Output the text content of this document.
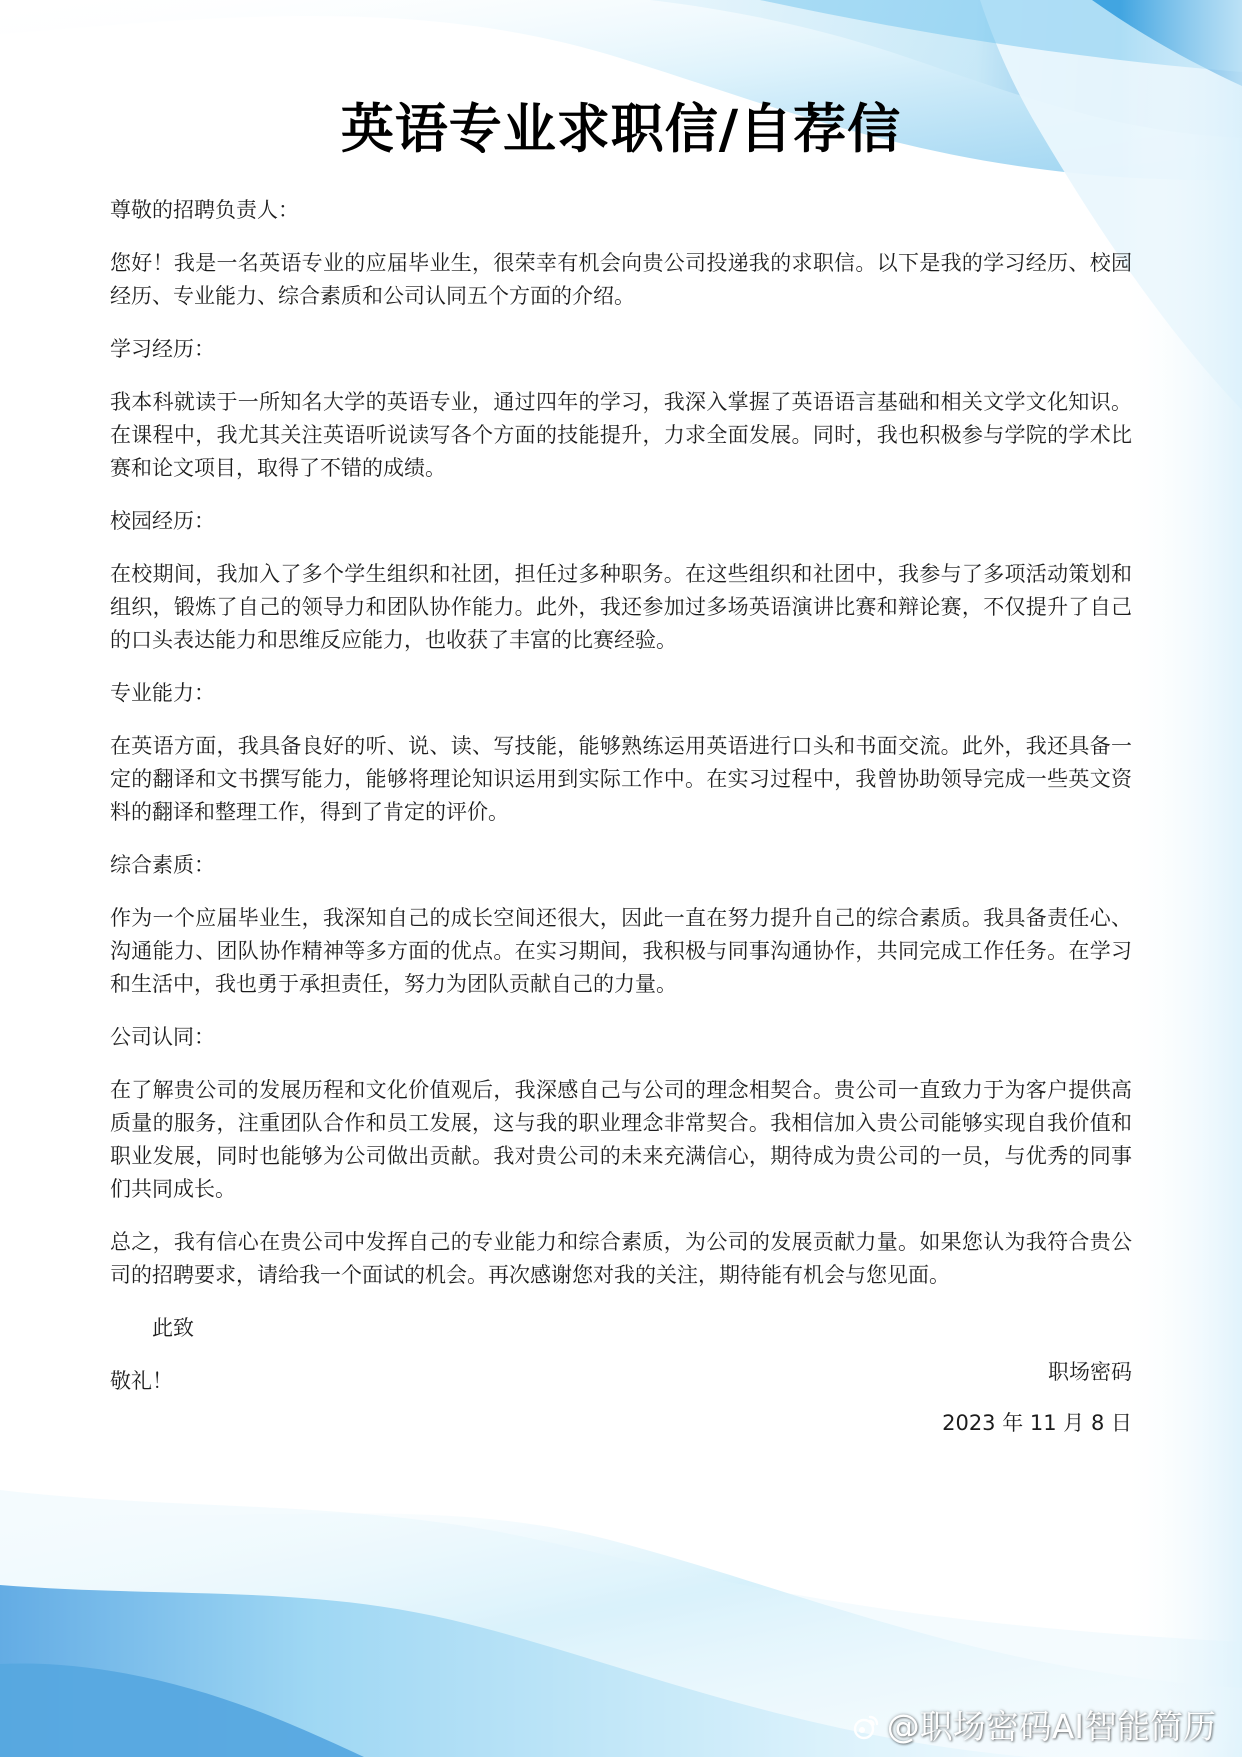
英语专业求职信/自荐信

尊敬的招聘负责人：

您好！我是一名英语专业的应届毕业生，很荣幸有机会向贵公司投递我的求职信。以下是我的学习经历、校园经历、专业能力、综合素质和公司认同五个方面的介绍。

学习经历：

我本科就读于一所知名大学的英语专业，通过四年的学习，我深入掌握了英语语言基础和相关文学文化知识。在课程中，我尤其关注英语听说读写各个方面的技能提升，力求全面发展。同时，我也积极参与学院的学术比赛和论文项目，取得了不错的成绩。

校园经历：

在校期间，我加入了多个学生组织和社团，担任过多种职务。在这些组织和社团中，我参与了多项活动策划和组织，锻炼了自己的领导力和团队协作能力。此外，我还参加过多场英语演讲比赛和辩论赛，不仅提升了自己的口头表达能力和思维反应能力，也收获了丰富的比赛经验。

专业能力：

在英语方面，我具备良好的听、说、读、写技能，能够熟练运用英语进行口头和书面交流。此外，我还具备一定的翻译和文书撰写能力，能够将理论知识运用到实际工作中。在实习过程中，我曾协助领导完成一些英文资料的翻译和整理工作，得到了肯定的评价。

综合素质：

作为一个应届毕业生，我深知自己的成长空间还很大，因此一直在努力提升自己的综合素质。我具备责任心、沟通能力、团队协作精神等多方面的优点。在实习期间，我积极与同事沟通协作，共同完成工作任务。在学习和生活中，我也勇于承担责任，努力为团队贡献自己的力量。

公司认同：

在了解贵公司的发展历程和文化价值观后，我深感自己与公司的理念相契合。贵公司一直致力于为客户提供高质量的服务，注重团队合作和员工发展，这与我的职业理念非常契合。我相信加入贵公司能够实现自我价值和职业发展，同时也能够为公司做出贡献。我对贵公司的未来充满信心，期待成为贵公司的一员，与优秀的同事们共同成长。

总之，我有信心在贵公司中发挥自己的专业能力和综合素质，为公司的发展贡献力量。如果您认为我符合贵公司的招聘要求，请给我一个面试的机会。再次感谢您对我的关注，期待能有机会与您见面。

此致

敬礼！	职场密码
2023 年 11 月 8 日
@职场密码AI智能简历
